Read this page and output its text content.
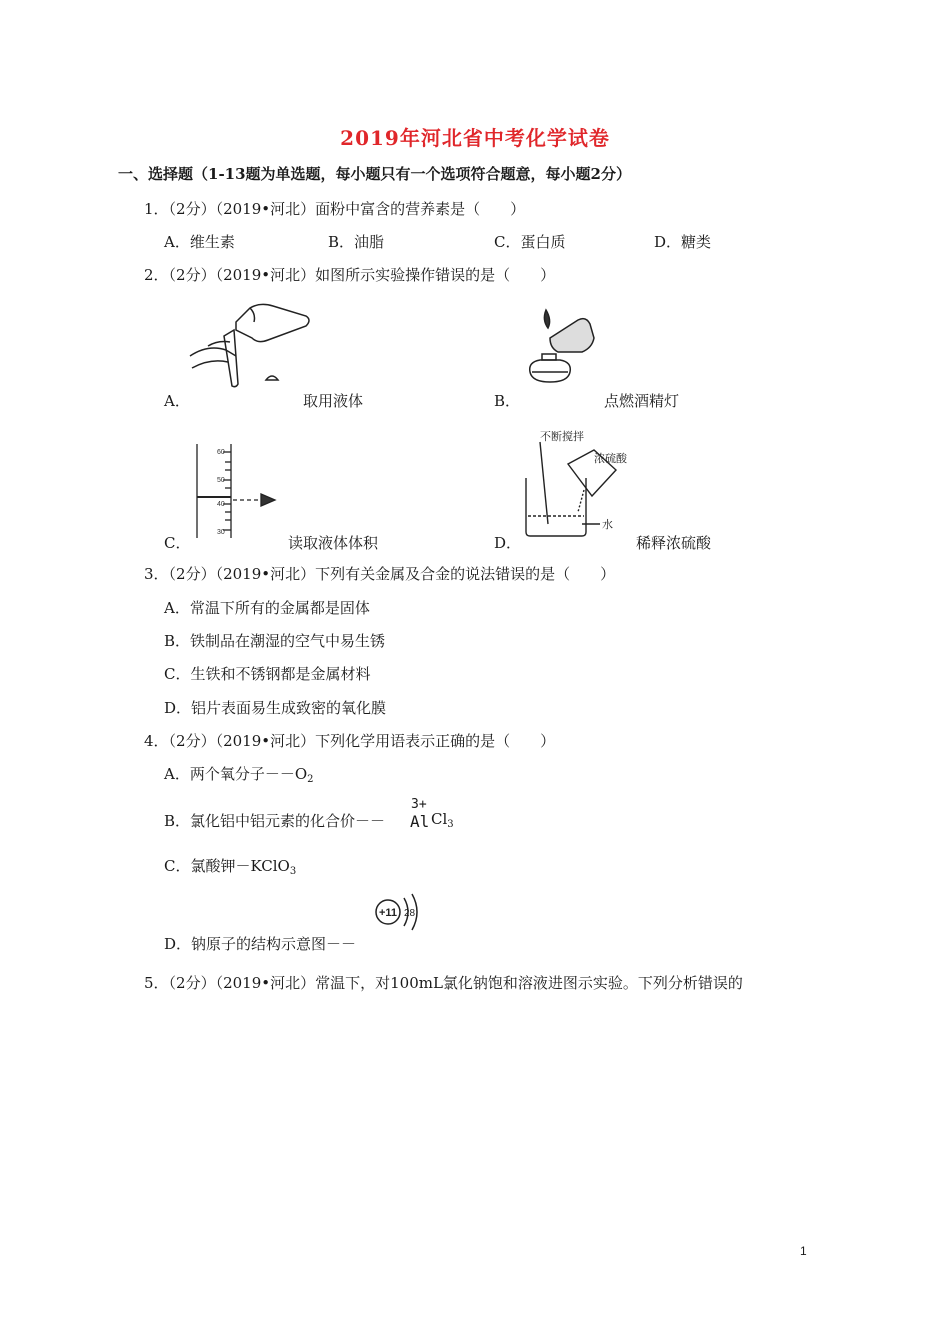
2019年河北省中考化学试卷
一、选择题（1-13题为单选题，每小题只有一个选项符合题意，每小题2分）
1．（2分）（2019•河北）面粉中富含的营养素是（　　）
A．维生素	B．油脂	C．蛋白质	D．糖类
2．（2分）（2019•河北）如图所示实验操作错误的是（　　）
A．	取用液体	B．	点燃酒精灯
60
50
40
30
C．	读取液体体积
不断搅拌
浓硫酸
水
D．	稀释浓硫酸
3．（2分）（2019•河北）下列有关金属及合金的说法错误的是（　　）
A．常温下所有的金属都是固体
B．铁制品在潮湿的空气中易生锈
C．生铁和不锈钢都是金属材料
D．铝片表面易生成致密的氧化膜
4．（2分）（2019•河北）下列化学用语表示正确的是（　　）
A．两个氧分子$--O_2$
B．氯化铝中铝元素的化合价－－
3+
Al $Cl_3$
C．氯酸钾－KClO$_3$
+11 28
D．钠原子的结构示意图－－
5．（2分）（2019•河北）常温下，对100mL氯化钠饱和溶液进图示实验。下列分析错误的
1
